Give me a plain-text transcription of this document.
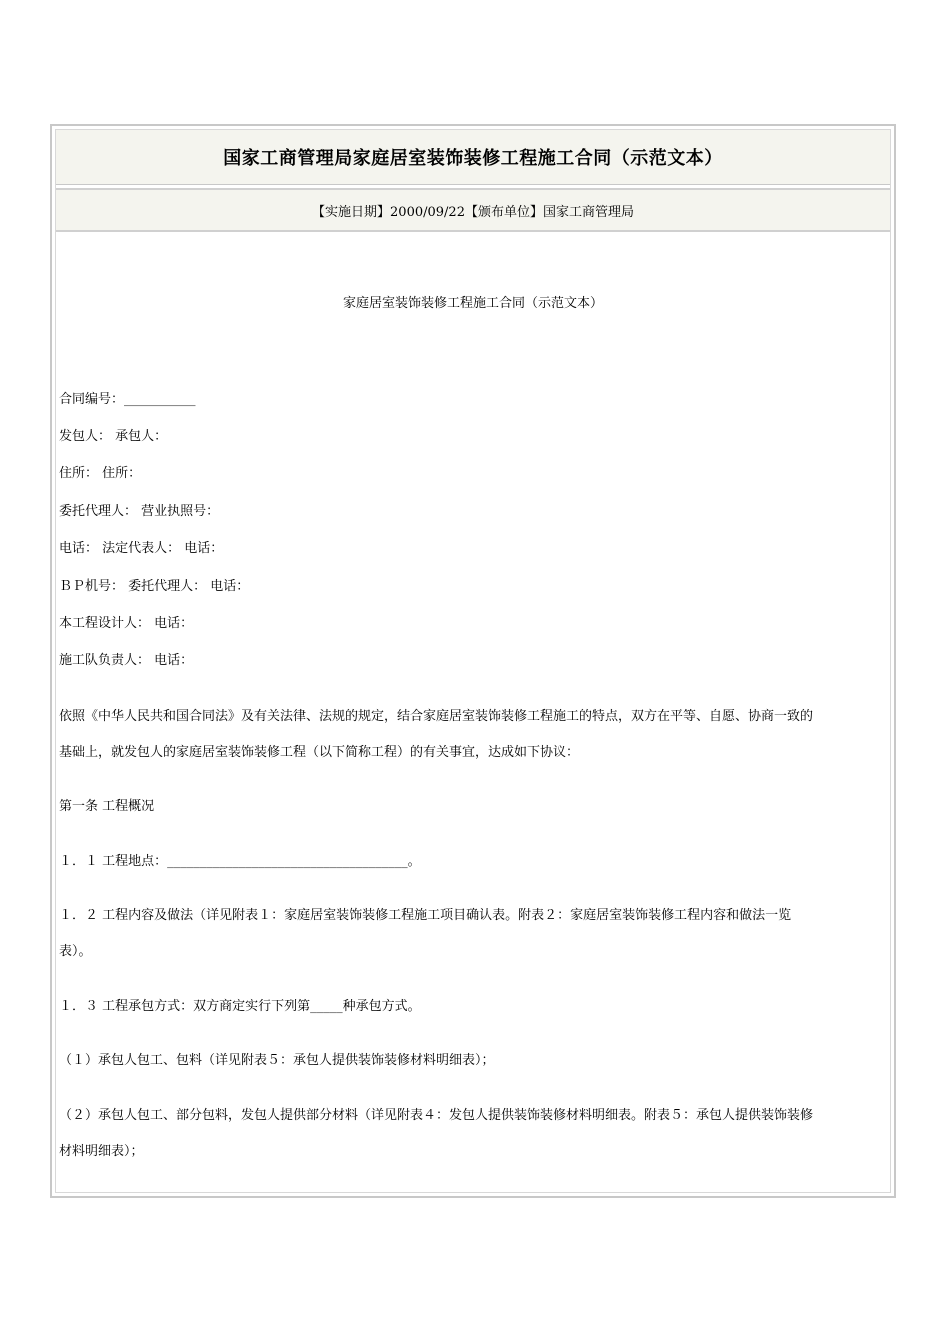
国家工商管理局家庭居室装饰装修工程施工合同（示范文本）
【实施日期】2000/09/22【颁布单位】国家工商管理局
家庭居室装饰装修工程施工合同（示范文本）
合同编号：___________
发包人： 承包人：
住所： 住所：
委托代理人： 营业执照号：
电话： 法定代表人： 电话：
ＢＰ机号： 委托代理人： 电话：
本工程设计人： 电话：
施工队负责人： 电话：
依照《中华人民共和国合同法》及有关法律、法规的规定，结合家庭居室装饰装修工程施工的特点，双方在平等、自愿、协商一致的
基础上，就发包人的家庭居室装饰装修工程（以下简称工程）的有关事宜，达成如下协议：
第一条 工程概况
１．１ 工程地点：_____________________________________。
１．２ 工程内容及做法（详见附表１：家庭居室装饰装修工程施工项目确认表。附表２：家庭居室装饰装修工程内容和做法一览
表）。
１．３ 工程承包方式：双方商定实行下列第_____种承包方式。
（１）承包人包工、包料（详见附表５：承包人提供装饰装修材料明细表）；
（２）承包人包工、部分包料，发包人提供部分材料（详见附表４：发包人提供装饰装修材料明细表。附表５：承包人提供装饰装修
材料明细表）；
